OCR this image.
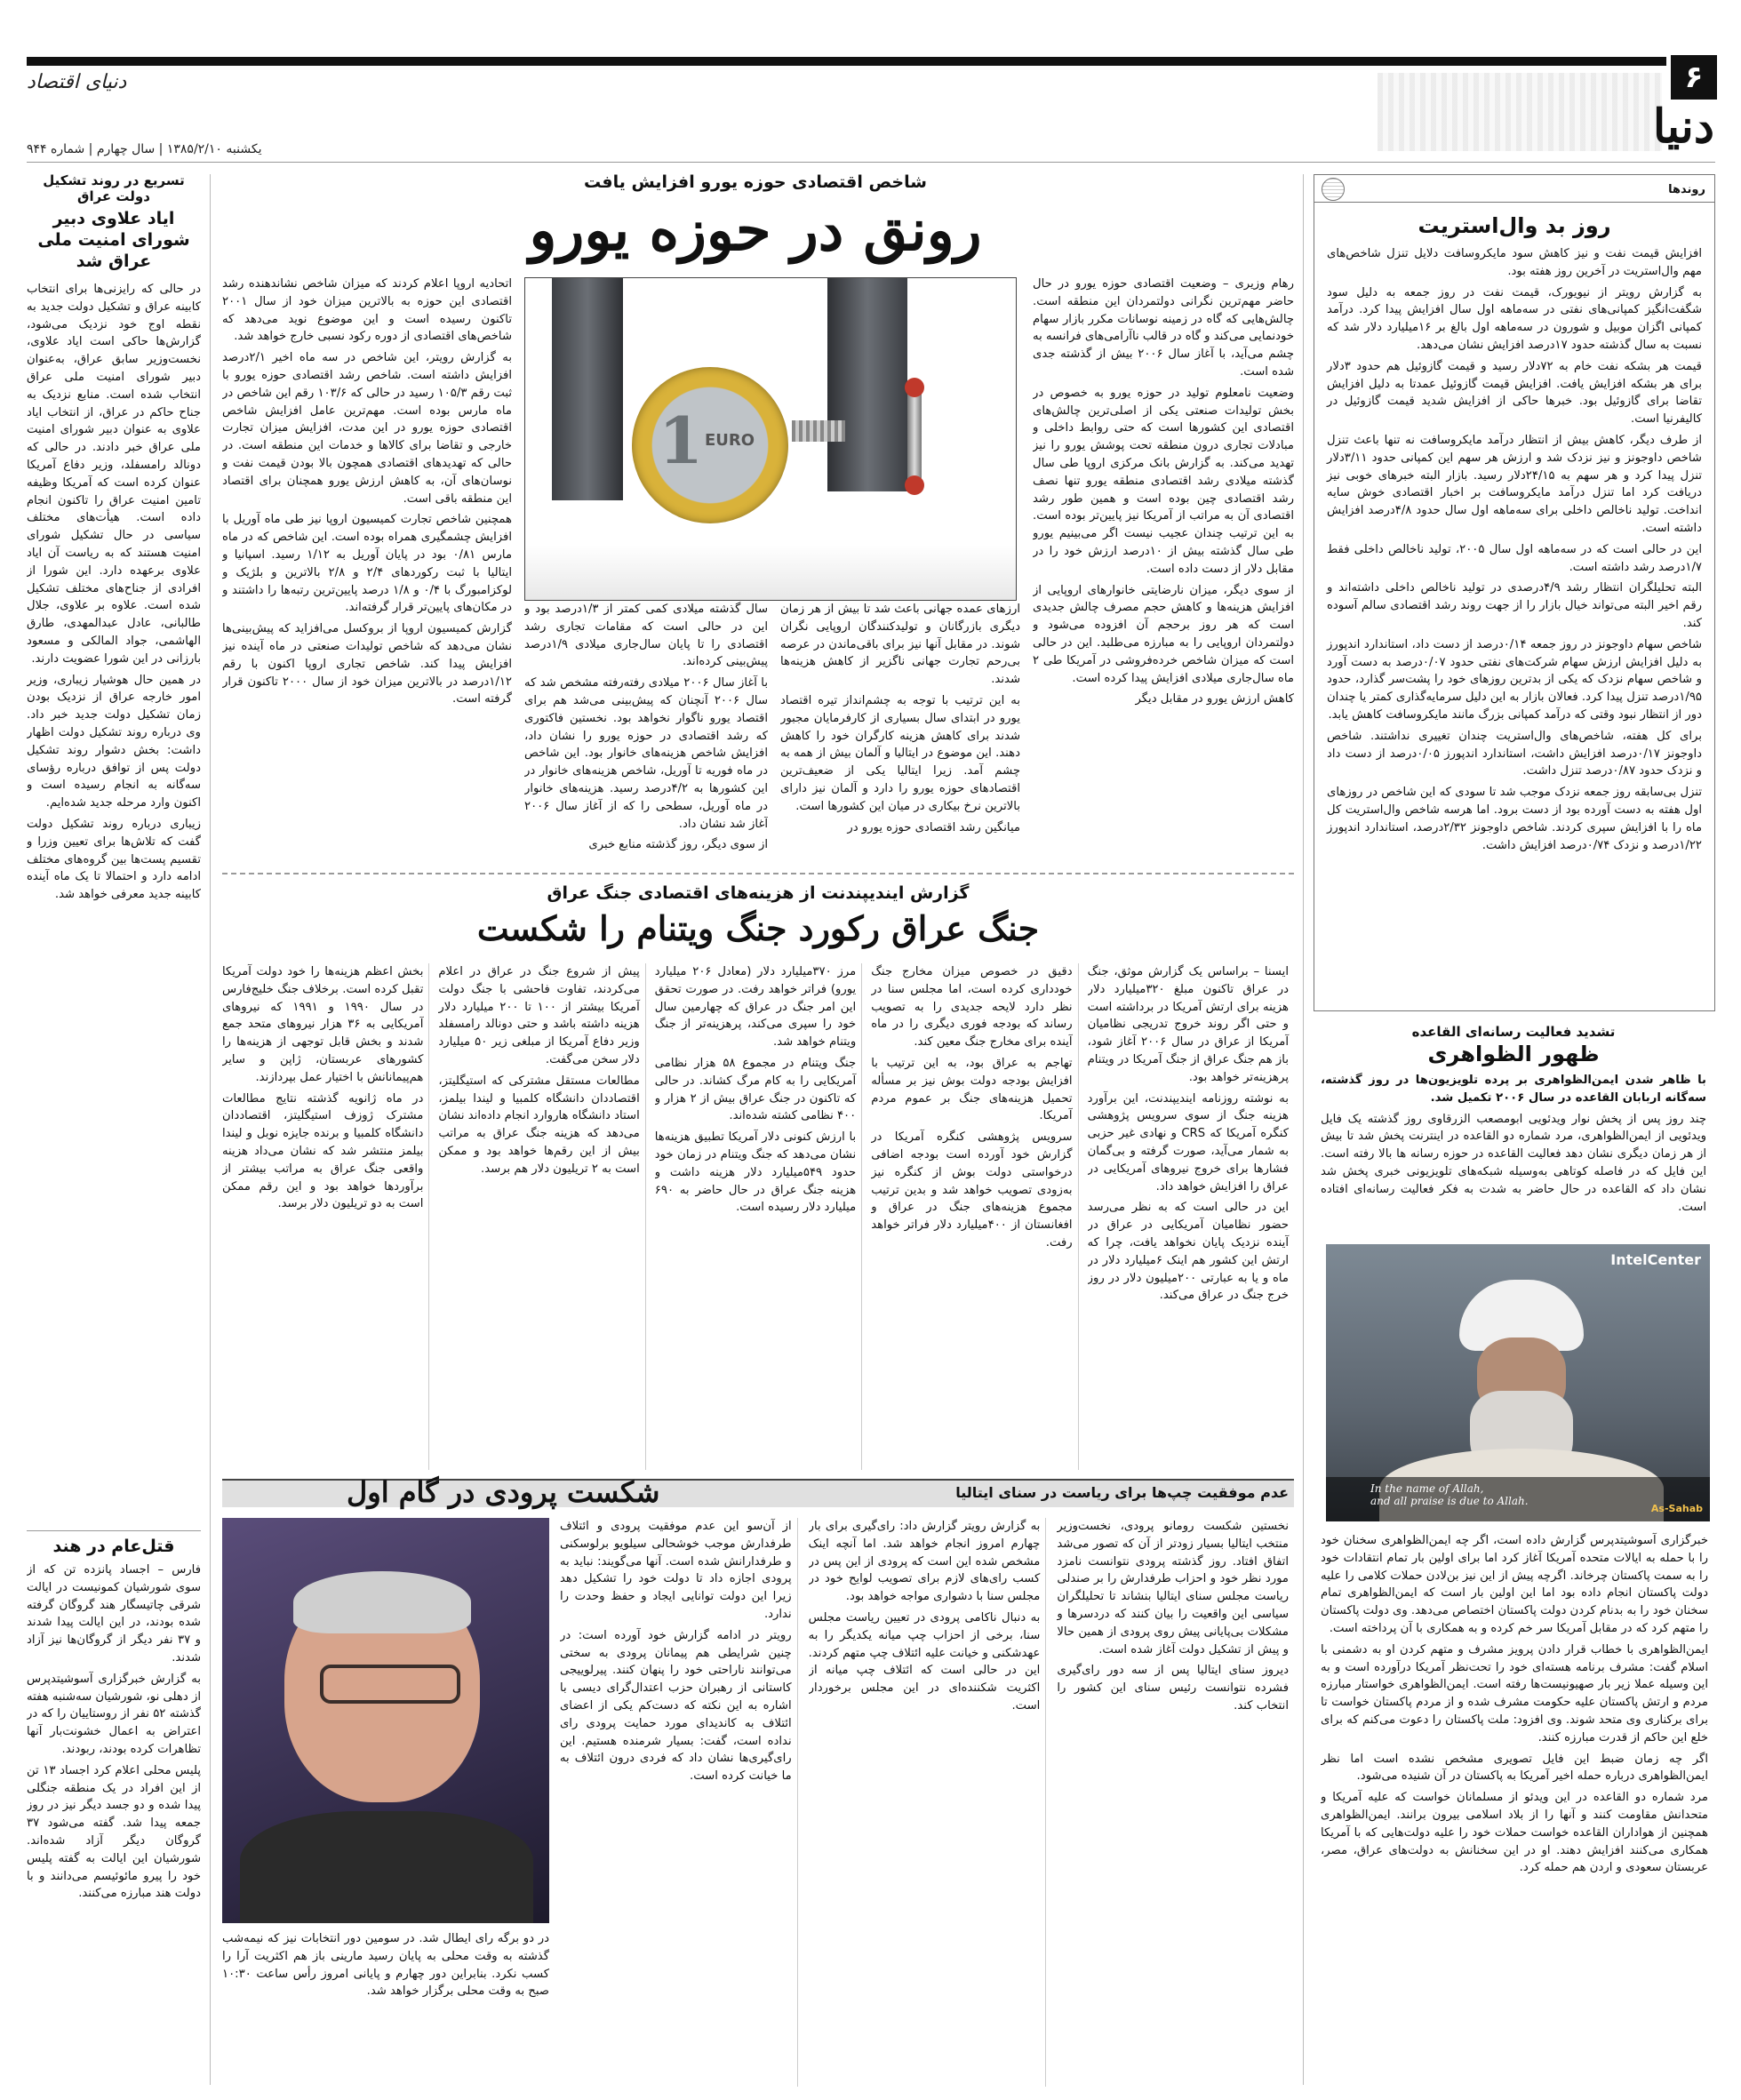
۶
دنیای اقتصاد
دنیا
یکشنبه ۱۳۸۵/۲/۱۰ | سال چهارم | شماره ۹۴۴
روندها
روز بد وال‌استریت

افزایش قیمت نفت و نیز کاهش سود مایکروسافت دلایل تنزل شاخص‌های مهم وال‌استریت در آخرین روز هفته بود.

به گزارش رویتر از نیویورک، قیمت نفت در روز جمعه به دلیل سود شگفت‌انگیز کمپانی‌های نفتی در سه‌ماهه اول سال افزایش پیدا کرد. درآمد کمپانی اگزان موبیل و شورون در سه‌ماهه اول بالغ بر ۱۶میلیارد دلار شد که نسبت به سال گذشته حدود ۱۷درصد افزایش نشان می‌دهد.

قیمت هر بشکه نفت خام به ۷۲دلار رسید و قیمت گازوئیل هم حدود ۳دلار برای هر بشکه افزایش یافت. افزایش قیمت گازوئیل عمدتا به دلیل افزایش تقاضا برای گازوئیل بود. خبرها حاکی از افزایش شدید قیمت گازوئیل در کالیفرنیا است.

از طرف دیگر، کاهش بیش از انتظار درآمد مایکروسافت نه تنها باعث تنزل شاخص داوجونز و نیز نزدک شد و ارزش هر سهم این کمپانی حدود ۳/۱۱دلار تنزل پیدا کرد و هر سهم به ۲۴/۱۵دلار رسید. بازار البته خبرهای خوبی نیز دریافت کرد اما تنزل درآمد مایکروسافت بر اخبار اقتصادی خوش سایه انداخت. تولید ناخالص داخلی برای سه‌ماهه اول سال حدود ۴/۸درصد افزایش داشته است.

این در حالی است که در سه‌ماهه اول سال ۲۰۰۵، تولید ناخالص داخلی فقط ۱/۷درصد رشد داشته است.

البته تحلیلگران انتظار رشد ۴/۹درصدی در تولید ناخالص داخلی داشته‌اند و رقم اخیر البته می‌تواند خیال بازار را از جهت روند رشد اقتصادی سالم آسوده کند.

شاخص سهام داوجونز در روز جمعه ۰/۱۴درصد از دست داد، استاندارد اندپورز به دلیل افزایش ارزش سهام شرکت‌های نفتی حدود ۰/۰۷درصد به دست آورد و شاخص سهام نزدک که یکی از بدترین روزهای خود را پشت‌سر گذارد، حدود ۱/۹۵درصد تنزل پیدا کرد. فعالان بازار به این دلیل سرمایه‌گذاری کمتر یا چندان دور از انتظار نبود وقتی که درآمد کمپانی بزرگ مانند مایکروسافت کاهش یابد.

برای کل هفته، شاخص‌های وال‌استریت چندان تغییری نداشتند. شاخص داوجونز ۰/۱۷درصد افزایش داشت، استاندارد اندپورز ۰/۰۵درصد از دست داد و نزدک حدود ۰/۸۷درصد تنزل داشت.

تنزل بی‌سابقه روز جمعه نزدک موجب شد تا سودی که این شاخص در روزهای اول هفته به دست آورده بود از دست برود. اما هرسه شاخص وال‌استریت کل ماه را با افزایش سپری کردند. شاخص داوجونز ۲/۳۲درصد، استاندارد اندپورز ۱/۲۲درصد و نزدک ۰/۷۴درصد افزایش داشت.

تشدید فعالیت رسانه‌ای القاعده
ظهور الظواهری

با ظاهر شدن ایمن‌الظواهری بر پرده تلویزیون‌ها در روز گذشته، سه‌گانه اربابان القاعده در سال ۲۰۰۶ تکمیل شد.

چند روز پس از پخش نوار ویدئویی ابومصعب الزرقاوی روز گذشته یک فایل ویدئویی از ایمن‌الظواهری، مرد شماره دو القاعده در اینترنت پخش شد تا بیش از هر زمان دیگری نشان دهد فعالیت القاعده در حوزه رسانه ها بالا رفته است. این فایل که در فاصله کوتاهی به‌وسیله شبکه‌های تلویزیونی خبری پخش شد نشان داد که القاعده در حال حاضر به شدت به فکر فعالیت رسانه‌ای افتاده است.

IntelCenter
In the name of Allah,
and all praise is due to Allah.
As-Sahab

خبرگزاری آسوشیتدپرس گزارش داده است، اگر چه ایمن‌الظواهری سخنان خود را با حمله به ایالات متحده آمریکا آغاز کرد اما برای اولین بار تمام انتقادات خود را به سمت پاکستان چرخاند. اگرچه پیش از این نیز بن‌لادن حملات کلامی را علیه دولت پاکستان انجام داده بود اما این اولین بار است که ایمن‌الظواهری تمام سخنان خود را به بدنام کردن دولت پاکستان اختصاص می‌دهد. وی دولت پاکستان را متهم کرد که در مقابل آمریکا سر خم کرده و به همکاری با آن پرداخته است.

ایمن‌الظواهری با خطاب قرار دادن پرویز مشرف و متهم کردن او به دشمنی با اسلام گفت: مشرف برنامه هسته‌ای خود را تحت‌نظر آمریکا درآورده است و به این وسیله عملا زیر بار صهیونیست‌ها رفته است. ایمن‌الظواهری خواستار مبارزه مردم و ارتش پاکستان علیه حکومت مشرف شده و از مردم پاکستان خواست تا برای برکناری وی متحد شوند. وی افزود: ملت پاکستان را دعوت می‌کنم که برای خلع این حاکم از قدرت مبارزه کنند.

اگر چه زمان ضبط این فایل تصویری مشخص نشده است اما نظر ایمن‌الظواهری درباره حمله اخیر آمریکا به پاکستان در آن شنیده می‌شود.

مرد شماره دو القاعده در این ویدئو از مسلمانان خواست که علیه آمریکا و متحدانش مقاومت کنند و آنها را از بلاد اسلامی بیرون برانند. ایمن‌الظواهری همچنین از هواداران القاعده خواست حملات خود را علیه دولت‌هایی که با آمریکا همکاری می‌کنند افزایش دهند. او در این سخنانش به دولت‌های عراق، مصر، عربستان سعودی و اردن هم حمله کرد.

شاخص اقتصادی حوزه یورو افزایش یافت
رونق در حوزه یورو

رهام وزیری – وضعیت اقتصادی حوزه یورو در حال حاضر مهم‌ترین نگرانی دولتمردان این منطقه است. چالش‌هایی که گاه در زمینه نوسانات مکرر بازار سهام خودنمایی می‌کند و گاه در قالب ناآرامی‌های فرانسه به چشم می‌آید، با آغاز سال ۲۰۰۶ بیش از گذشته جدی شده است.

وضعیت نامعلوم تولید در حوزه یورو به خصوص در بخش تولیدات صنعتی یکی از اصلی‌ترین چالش‌های اقتصادی این کشورها است که حتی روابط داخلی و مبادلات تجاری درون منطقه تحت پوشش یورو را نیز تهدید می‌کند. به گزارش بانک مرکزی اروپا طی سال گذشته میلادی رشد اقتصادی منطقه یورو تنها نصف رشد اقتصادی چین بوده است و همین طور رشد اقتصادی آن به مراتب از آمریکا نیز پایین‌تر بوده است. به این ترتیب چندان عجیب نیست اگر می‌بینیم یورو طی سال گذشته بیش از ۱۰درصد ارزش خود را در مقابل دلار از دست داده است.

از سوی دیگر، میزان نارضایتی خانوارهای اروپایی از افزایش هزینه‌ها و کاهش حجم مصرف چالش جدیدی است که هر روز برحجم آن افزوده می‌شود و دولتمردان اروپایی را به مبارزه می‌طلبد. این در حالی است که میزان شاخص خرده‌فروشی در آمریکا طی ۲ ماه سال‌جاری میلادی افزایش پیدا کرده است.

کاهش ارزش یورو در مقابل دیگر

1 EURO

ارزهای عمده جهانی باعث شد تا بیش از هر زمان دیگری بازرگانان و تولیدکنندگان اروپایی نگران شوند. در مقابل آنها نیز برای باقی‌ماندن در عرصه بی‌رحم تجارت جهانی ناگزیر از کاهش هزینه‌ها شدند.

به این ترتیب با توجه به چشم‌انداز تیره اقتصاد یورو در ابتدای سال بسیاری از کارفرمایان مجبور شدند برای کاهش هزینه کارگران خود را کاهش دهند. این موضوع در ایتالیا و آلمان بیش از همه به چشم آمد. زیرا ایتالیا یکی از ضعیف‌ترین اقتصادهای حوزه یورو را دارد و آلمان نیز دارای بالاترین نرخ بیکاری در میان این کشورها است.

میانگین رشد اقتصادی حوزه یورو در

سال گذشته میلادی کمی کمتر از ۱/۳درصد بود و این در حالی است که مقامات تجاری رشد اقتصادی را تا پایان سال‌جاری میلادی ۱/۹درصد پیش‌بینی کرده‌اند.

با آغاز سال ۲۰۰۶ میلادی رفته‌رفته مشخص شد که سال ۲۰۰۶ آنچنان که پیش‌بینی می‌شد هم برای اقتصاد یورو ناگوار نخواهد بود. نخستین فاکتوری که رشد اقتصادی در حوزه یورو را نشان داد، افزایش شاخص هزینه‌های خانوار بود. این شاخص در ماه فوریه تا آوریل، شاخص هزینه‌های خانوار در این کشورها به ۴/۲درصد رسید. هزینه‌های خانوار در ماه آوریل، سطحی را که از آغاز سال ۲۰۰۶ آغاز شد نشان داد.

از سوی دیگر، روز گذشته منابع خبری

اتحادیه اروپا اعلام کردند که میزان شاخص نشاندهنده رشد اقتصادی این حوزه به بالاترین میزان خود از سال ۲۰۰۱ تاکنون رسیده است و این موضوع نوید می‌دهد که شاخص‌های اقتصادی از دوره رکود نسبی خارج خواهد شد.

به گزارش رویتر، این شاخص در سه ماه اخیر ۲/۱درصد افزایش داشته است. شاخص رشد اقتصادی حوزه یورو با ثبت رقم ۱۰۵/۳ رسید در حالی که ۱۰۳/۶ رقم این شاخص در ماه مارس بوده است. مهم‌ترین عامل افزایش شاخص اقتصادی حوزه یورو در این مدت، افزایش میزان تجارت خارجی و تقاضا برای کالاها و خدمات این منطقه است. در حالی که تهدیدهای اقتصادی همچون بالا بودن قیمت نفت و نوسان‌های آن، به کاهش ارزش یورو همچنان برای اقتصاد این منطقه باقی است.

همچنین شاخص تجارت کمیسیون اروپا نیز طی ماه آوریل با افزایش چشمگیری همراه بوده است. این شاخص که در ماه مارس ۰/۸۱ بود در پایان آوریل به ۱/۱۲ رسید. اسپانیا و ایتالیا با ثبت رکوردهای ۲/۴ و ۲/۸ بالاترین و بلژیک و لوکزامبورگ با ۰/۴ و ۱/۸ درصد پایین‌ترین رتبه‌ها را داشتند و در مکان‌های پایین‌تر قرار گرفته‌اند.

گزارش کمیسیون اروپا از بروکسل می‌افزاید که پیش‌بینی‌ها نشان می‌دهد که شاخص تولیدات صنعتی در ماه آینده نیز افزایش پیدا کند. شاخص تجاری اروپا اکنون با رقم ۱/۱۲درصد در بالاترین میزان خود از سال ۲۰۰۰ تاکنون قرار گرفته است.

گزارش ایندیپندنت از هزینه‌های اقتصادی جنگ عراق
جنگ عراق رکورد جنگ ویتنام را شکست

ایسنا – براساس یک گزارش موثق، جنگ در عراق تاکنون مبلغ ۳۲۰میلیارد دلار هزینه برای ارتش آمریکا در برداشته است و حتی اگر روند خروج تدریجی نظامیان آمریکا از عراق در سال ۲۰۰۶ آغاز شود، باز هم جنگ عراق از جنگ آمریکا در ویتنام پرهزینه‌تر خواهد بود.

به نوشته روزنامه ایندیپندنت، این برآورد هزینه جنگ از سوی سرویس پژوهشی کنگره آمریکا که CRS و نهادی غیر حزبی به شمار می‌آید، صورت گرفته و بی‌گمان فشارها برای خروج نیروهای آمریکایی در عراق را افزایش خواهد داد.

این در حالی است که به نظر می‌رسد حضور نظامیان آمریکایی در عراق در آینده نزدیک پایان نخواهد یافت، چرا که ارتش این کشور هم اینک ۶میلیارد دلار در ماه و یا به عبارتی ۲۰۰میلیون دلار در روز خرج جنگ در عراق می‌کند.

دقیق در خصوص میزان مخارج جنگ خودداری کرده است، اما مجلس سنا در نظر دارد لایحه جدیدی را به تصویب رساند که بودجه فوری دیگری را در ماه آینده برای مخارج جنگ معین کند.

تهاجم به عراق بود، به این ترتیب با افزایش بودجه دولت بوش نیز بر مسأله تحمیل هزینه‌های جنگ بر عموم مردم آمریکا.

سرویس پژوهشی کنگره آمریکا در گزارش خود آورده است بودجه اضافی درخواستی دولت بوش از کنگره نیز به‌زودی تصویب خواهد شد و بدین ترتیب مجموع هزینه‌های جنگ در عراق و افغانستان از ۴۰۰میلیارد دلار فراتر خواهد رفت.

مرز ۳۷۰میلیارد دلار (معادل ۲۰۶ میلیارد یورو) فراتر خواهد رفت. در صورت تحقق این امر جنگ در عراق که چهارمین سال خود را سپری می‌کند، پرهزینه‌تر از جنگ ویتنام خواهد شد.

جنگ ویتنام در مجموع ۵۸ هزار نظامی آمریکایی را به کام مرگ کشاند. در حالی که تاکنون در جنگ عراق بیش از ۲ هزار و ۴۰۰ نظامی کشته شده‌اند.

با ارزش کنونی دلار آمریکا تطبیق هزینه‌ها نشان می‌دهد که جنگ ویتنام در زمان خود حدود ۵۴۹میلیارد دلار هزینه داشت و هزینه جنگ عراق در حال حاضر به ۶۹۰ میلیارد دلار رسیده است.

پیش از شروع جنگ در عراق در اعلام می‌کردند، تفاوت فاحشی با جنگ دولت آمریکا بیشتر از ۱۰۰ تا ۲۰۰ میلیارد دلار هزینه داشته باشد و حتی دونالد رامسفلد وزیر دفاع آمریکا از مبلغی زیر ۵۰ میلیارد دلار سخن می‌گفت.

مطالعات مستقل مشترکی که استیگلیتز، اقتصاددان دانشگاه کلمبیا و لیندا بیلمز، استاد دانشگاه هاروارد انجام داده‌اند نشان می‌دهد که هزینه جنگ عراق به مراتب بیش از این رقم‌ها خواهد بود و ممکن است به ۲ تریلیون دلار هم برسد.

بخش اعظم هزینه‌ها را خود دولت آمریکا تقبل کرده است. برخلاف جنگ خلیج‌فارس در سال ۱۹۹۰ و ۱۹۹۱ که نیروهای آمریکایی به ۳۶ هزار نیروهای متحد جمع شدند و بخش قابل توجهی از هزینه‌ها را کشورهای عربستان، ژاپن و سایر هم‌پیمانانش با اختیار عمل بپردازند.

در ماه ژانویه گذشته نتایج مطالعات مشترک ژوزف استیگلیتز، اقتصاددان دانشگاه کلمبیا و برنده جایزه نوبل و لیندا بیلمز منتشر شد که نشان می‌داد هزینه واقعی جنگ عراق به مراتب بیشتر از برآوردها خواهد بود و این رقم ممکن است به دو تریلیون دلار برسد.

عدم موفقیت چپ‌ها برای ریاست در سنای ایتالیا
شکست پرودی در گام اول

نخستین شکست رومانو پرودی، نخست‌وزیر منتخب ایتالیا بسیار زودتر از آن که تصور می‌شد اتفاق افتاد. روز گذشته پرودی نتوانست نامزد مورد نظر خود و احزاب طرفدارش را بر صندلی ریاست مجلس سنای ایتالیا بنشاند تا تحلیلگران سیاسی این واقعیت را بیان کنند که دردسرها و مشکلات بی‌پایانی پیش روی پرودی از همین حالا و پیش از تشکیل دولت آغاز شده است.

دیروز سنای ایتالیا پس از سه دور رای‌گیری فشرده نتوانست رئیس سنای این کشور را انتخاب کند.

به گزارش رویتر گزارش داد: رای‌گیری برای بار چهارم امروز انجام خواهد شد. اما آنچه اینک مشخص شده این است که پرودی از این پس در کسب رای‌های لازم برای تصویب لوایح خود در مجلس سنا با دشواری مواجه خواهد بود.

به دنبال ناکامی پرودی در تعیین ریاست مجلس سنا، برخی از احزاب چپ میانه یکدیگر را به عهدشکنی و خیانت علیه ائتلاف چپ متهم کردند. این در حالی است که ائتلاف چپ میانه از اکثریت شکننده‌ای در این مجلس برخوردار است.

از آن‌سو این عدم موفقیت پرودی و ائتلاف طرفدارش موجب خوشحالی سیلویو برلوسکنی و طرفدارانش شده است. آنها می‌گویند: نباید به پرودی اجازه داد تا دولت خود را تشکیل دهد زیرا این دولت توانایی ایجاد و حفظ وحدت را ندارد.

رویتر در ادامه گزارش خود آورده است: در چنین شرایطی هم پیمانان پرودی به سختی می‌توانند ناراحتی خود را پنهان کنند. پیرلوییجی کاستانی از رهبران حزب اعتدال‌گرای دیسی با اشاره به این نکته که دست‌کم یکی از اعضای ائتلاف به کاندیدای مورد حمایت پرودی رای نداده است، گفت: بسیار شرمنده هستیم. این رای‌گیری‌ها نشان داد که فردی درون ائتلاف به ما خیانت کرده است.

در دو برگه رای ایطال شد. در سومین دور انتخابات نیز که نیمه‌شب گذشته به وقت محلی به پایان رسید مارینی باز هم اکثریت آرا را کسب نکرد. بنابراین دور چهارم و پایانی امروز رأس ساعت ۱۰:۳۰ صبح به وقت محلی برگزار خواهد شد.

تسریع در روند تشکیل دولت عراق
ایاد علاوی دبیر شورای امنیت ملی عراق شد

در حالی که رایزنی‌ها برای انتخاب کابینه عراق و تشکیل دولت جدید به نقطه اوج خود نزدیک می‌شود، گزارش‌ها حاکی است ایاد علاوی، نخست‌وزیر سابق عراق، به‌عنوان دبیر شورای امنیت ملی عراق انتخاب شده است. منابع نزدیک به جناح حاکم در عراق، از انتخاب ایاد علاوی به عنوان دبیر شورای امنیت ملی عراق خبر دادند. در حالی که دونالد رامسفلد، وزیر دفاع آمریکا عنوان کرده است که آمریکا وظیفه تامین امنیت عراق را تاکنون انجام داده است. هیأت‌های مختلف سیاسی در حال تشکیل شورای امنیت هستند که به ریاست آن ایاد علاوی برعهده دارد. این شورا از افرادی از جناح‌های مختلف تشکیل شده است. علاوه بر علاوی، جلال طالبانی، عادل عبدالمهدی، طارق الهاشمی، جواد المالکی و مسعود بارزانی در این شورا عضویت دارند.

در همین حال هوشیار زیباری، وزیر امور خارجه عراق از نزدیک بودن زمان تشکیل دولت جدید خبر داد. وی درباره روند تشکیل دولت اظهار داشت: بخش دشوار روند تشکیل دولت پس از توافق درباره رؤسای سه‌گانه به انجام رسیده است و اکنون وارد مرحله جدید شده‌ایم.

زیباری درباره روند تشکیل دولت گفت که تلاش‌ها برای تعیین وزرا و تقسیم پست‌ها بین گروه‌های مختلف ادامه دارد و احتمالا تا یک ماه آینده کابینه جدید معرفی خواهد شد.

قتل‌عام در هند

فارس – اجساد پانزده تن که از سوی شورشیان کمونیست در ایالت شرقی چاتیسگار هند گروگان گرفته شده بودند، در این ایالت پیدا شدند و ۳۷ نفر دیگر از گروگان‌ها نیز آزاد شدند.

به گزارش خبرگزاری آسوشیتدپرس از دهلی نو، شورشیان سه‌شنبه هفته گذشته ۵۲ نفر از روستاییان را که در اعتراض به اعمال خشونت‌بار آنها تظاهرات کرده بودند، ربودند.

پلیس محلی اعلام کرد اجساد ۱۳ تن از این افراد در یک منطقه جنگلی پیدا شده و دو جسد دیگر نیز در روز جمعه پیدا شد. گفته می‌شود ۳۷ گروگان دیگر آزاد شده‌اند. شورشیان این ایالت به گفته پلیس خود را پیرو مائوئیسم می‌دانند و با دولت هند مبارزه می‌کنند.
